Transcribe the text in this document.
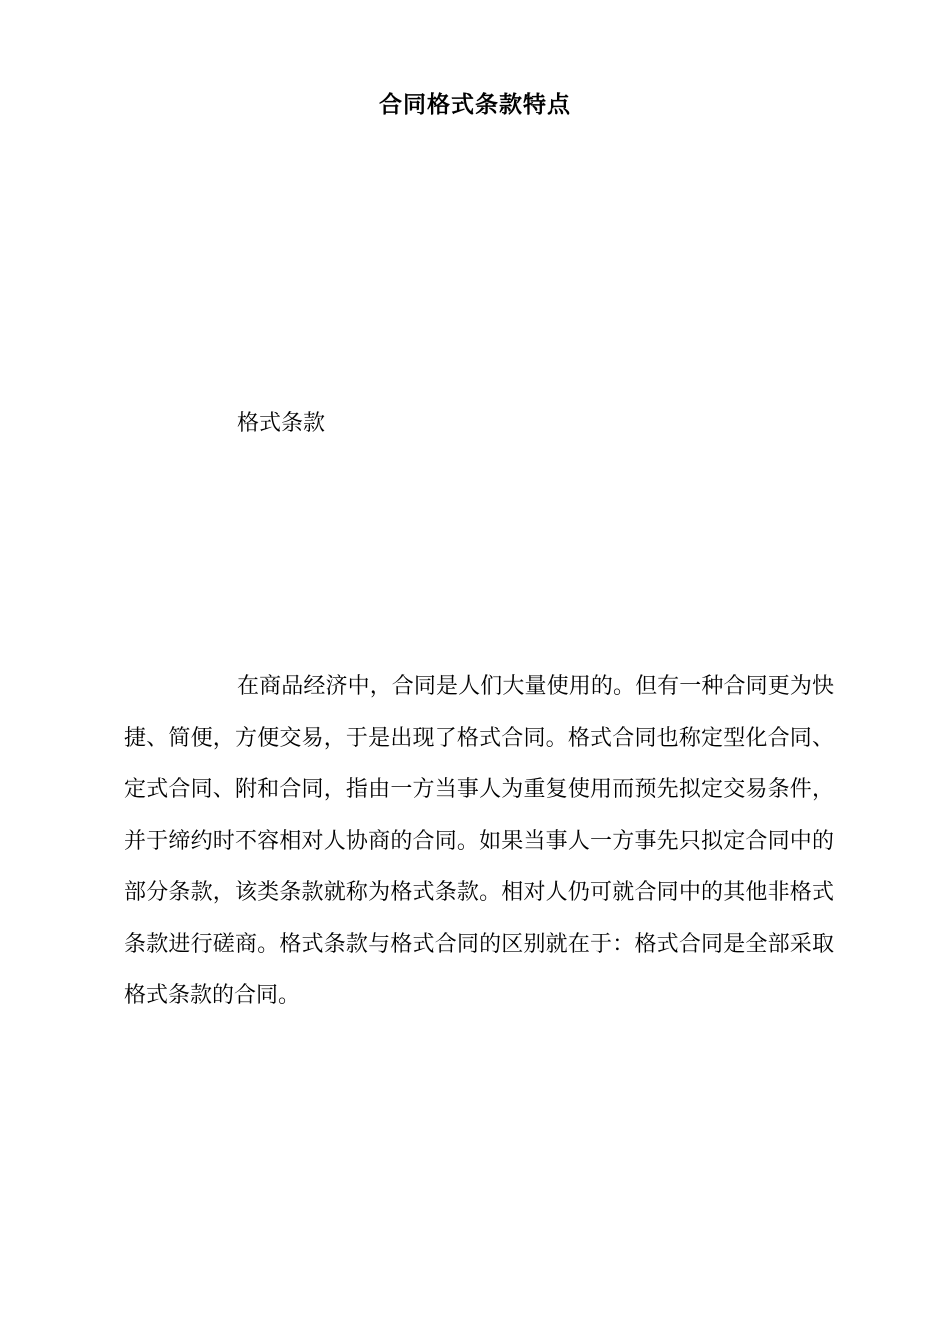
合同格式条款特点

格式条款

在商品经济中，合同是人们大量使用的。但有一种合同更为快捷、简便，方便交易，于是出现了格式合同。格式合同也称定型化合同、定式合同、附和合同，指由一方当事人为重复使用而预先拟定交易条件，并于缔约时不容相对人协商的合同。如果当事人一方事先只拟定合同中的部分条款，该类条款就称为格式条款。相对人仍可就合同中的其他非格式条款进行磋商。格式条款与格式合同的区别就在于：格式合同是全部采取格式条款的合同。
